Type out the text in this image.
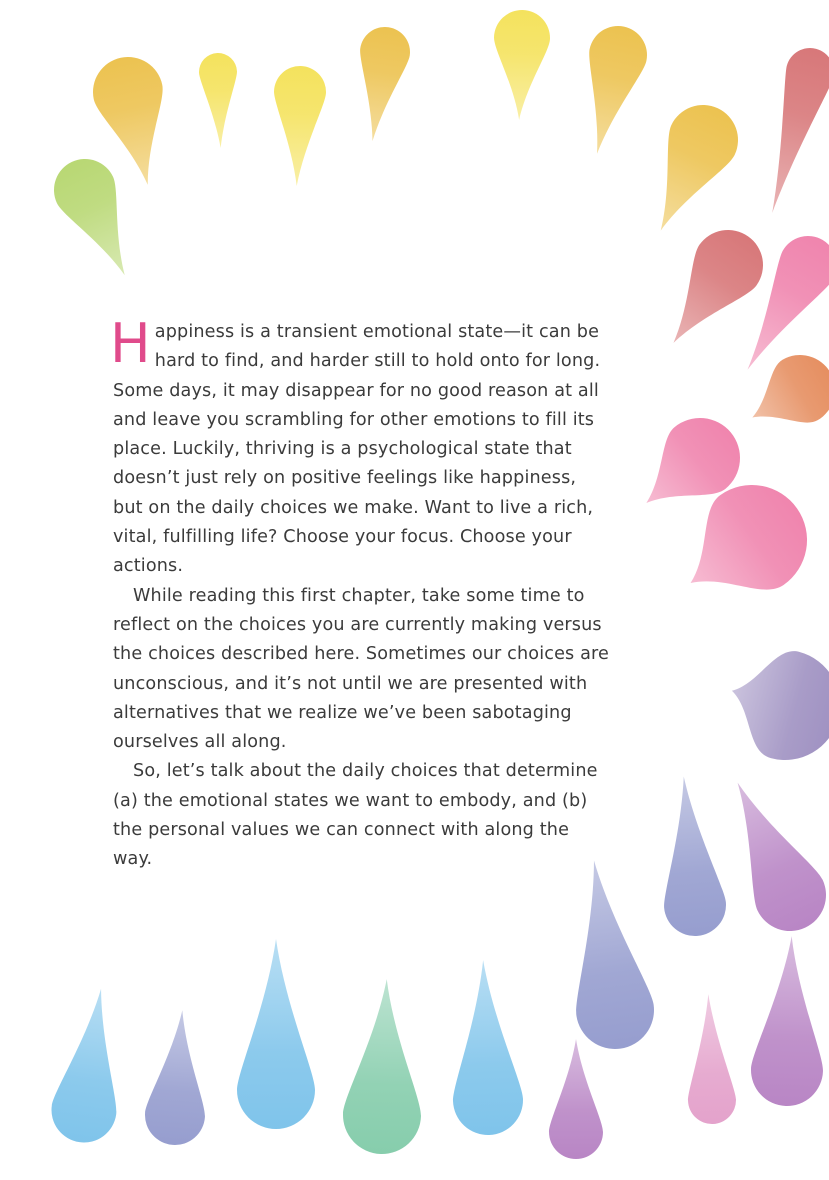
Happiness is a transient emotional state—it can be hard to find, and harder still to hold onto for long. Some days, it may disappear for no good reason at all and leave you scrambling for other emotions to fill its place. Luckily, thriving is a psychological state that doesn’t just rely on positive feelings like happiness, but on the daily choices we make. Want to live a rich, vital, fulfilling life? Choose your focus. Choose your actions.

While reading this first chapter, take some time to reflect on the choices you are currently making versus the choices described here. Sometimes our choices are unconscious, and it’s not until we are presented with alternatives that we realize we’ve been sabotaging ourselves all along.

So, let’s talk about the daily choices that determine (a) the emotional states we want to embody, and (b) the personal values we can connect with along the way.
